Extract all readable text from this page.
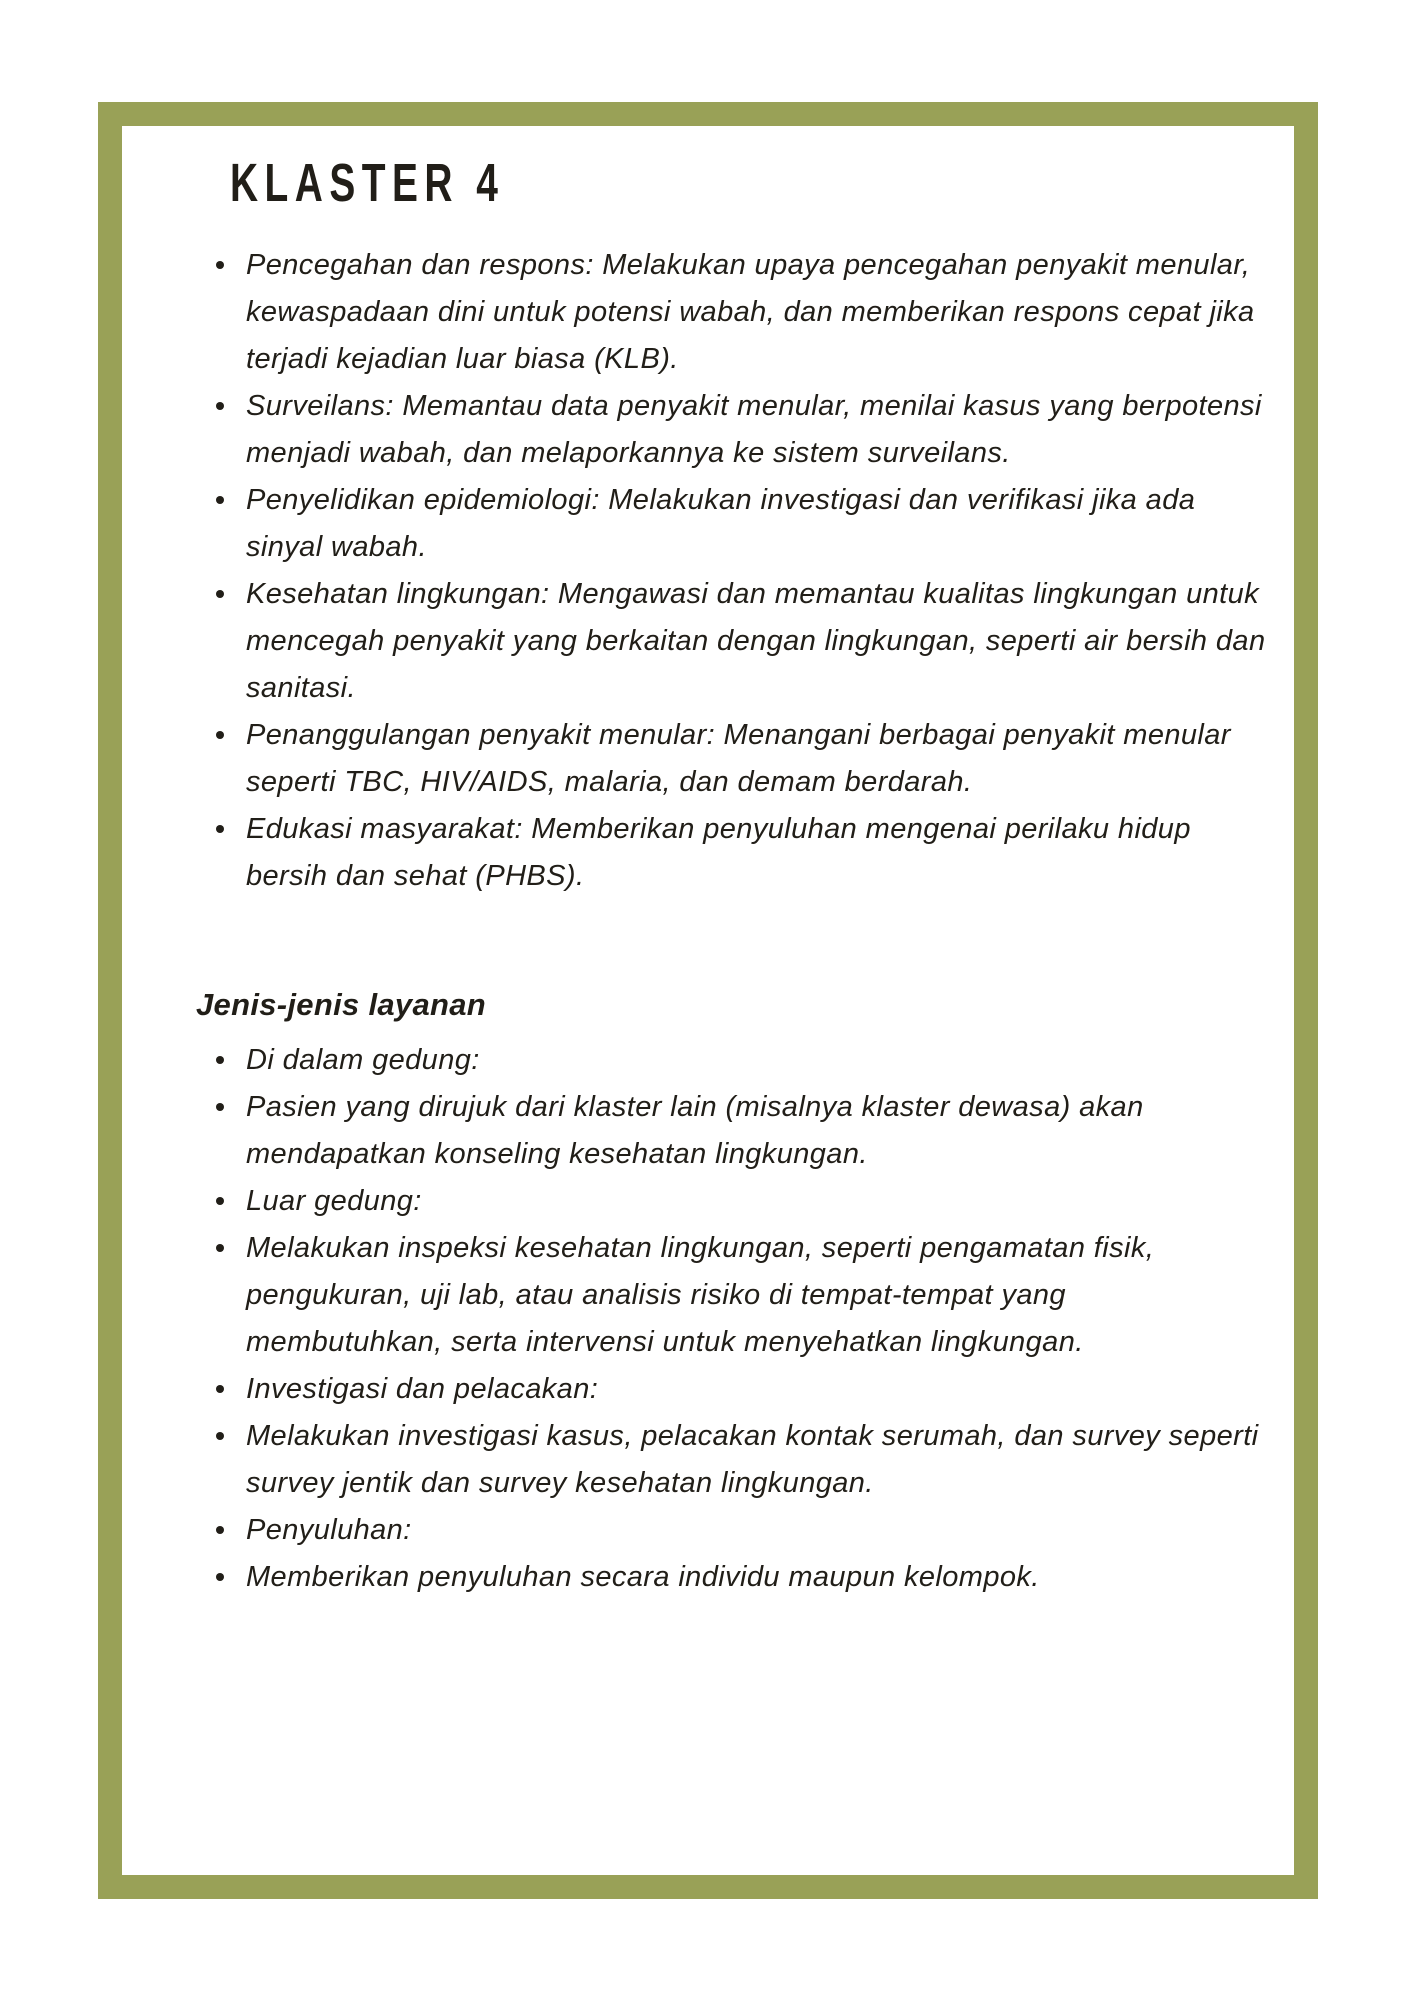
KLASTER 4
Pencegahan dan respons: Melakukan upaya pencegahan penyakit menular, kewaspadaan dini untuk potensi wabah, dan memberikan respons cepat jika terjadi kejadian luar biasa (KLB).
Surveilans: Memantau data penyakit menular, menilai kasus yang berpotensi menjadi wabah, dan melaporkannya ke sistem surveilans.
Penyelidikan epidemiologi: Melakukan investigasi dan verifikasi jika ada sinyal wabah.
Kesehatan lingkungan: Mengawasi dan memantau kualitas lingkungan untuk mencegah penyakit yang berkaitan dengan lingkungan, seperti air bersih dan sanitasi.
Penanggulangan penyakit menular: Menangani berbagai penyakit menular seperti TBC, HIV/AIDS, malaria, dan demam berdarah.
Edukasi masyarakat: Memberikan penyuluhan mengenai perilaku hidup bersih dan sehat (PHBS).
Jenis-jenis layanan
Di dalam gedung:
Pasien yang dirujuk dari klaster lain (misalnya klaster dewasa) akan mendapatkan konseling kesehatan lingkungan.
Luar gedung:
Melakukan inspeksi kesehatan lingkungan, seperti pengamatan fisik, pengukuran, uji lab, atau analisis risiko di tempat-tempat yang membutuhkan, serta intervensi untuk menyehatkan lingkungan.
Investigasi dan pelacakan:
Melakukan investigasi kasus, pelacakan kontak serumah, dan survey seperti survey jentik dan survey kesehatan lingkungan.
Penyuluhan:
Memberikan penyuluhan secara individu maupun kelompok.
